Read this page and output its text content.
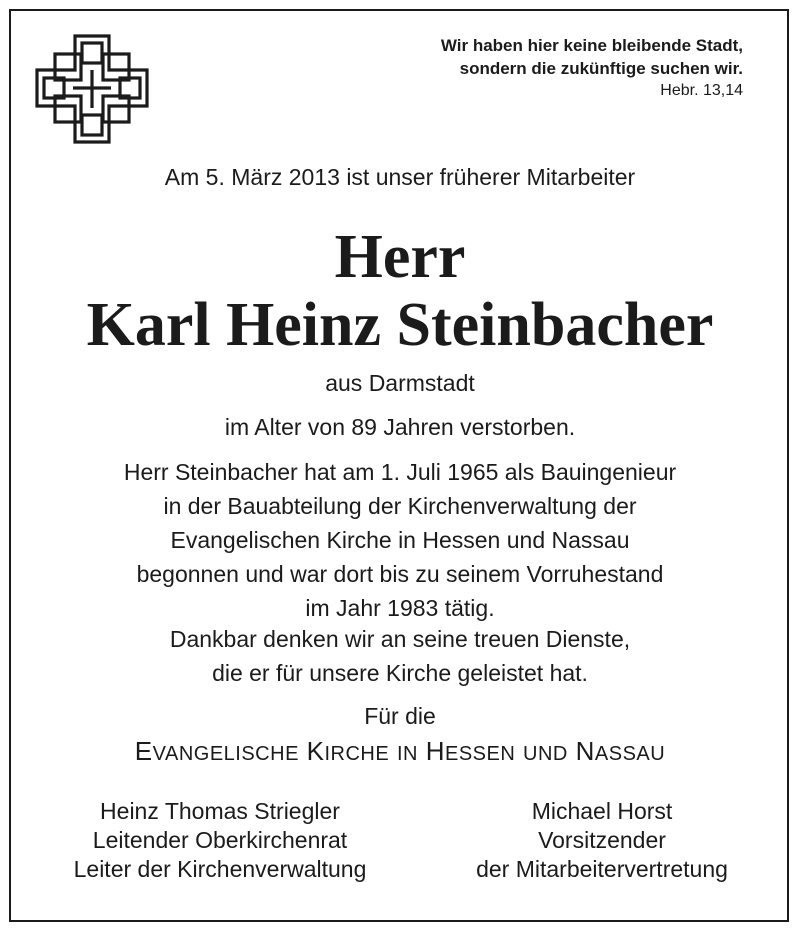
Wir haben hier keine bleibende Stadt,
sondern die zukünftige suchen wir.
Hebr. 13,14
Am 5. März 2013 ist unser früherer Mitarbeiter
Herr
Karl Heinz Steinbacher
aus Darmstadt
im Alter von 89 Jahren verstorben.
Herr Steinbacher hat am 1. Juli 1965 als Bauingenieur
in der Bauabteilung der Kirchenverwaltung der
Evangelischen Kirche in Hessen und Nassau
begonnen und war dort bis zu seinem Vorruhestand
im Jahr 1983 tätig.
Dankbar denken wir an seine treuen Dienste,
die er für unsere Kirche geleistet hat.
Für die
EVANGELISCHE KIRCHE IN HESSEN UND NASSAU
Heinz Thomas Striegler
Leitender Oberkirchenrat
Leiter der Kirchenverwaltung
Michael Horst
Vorsitzender
der Mitarbeitervertretung
